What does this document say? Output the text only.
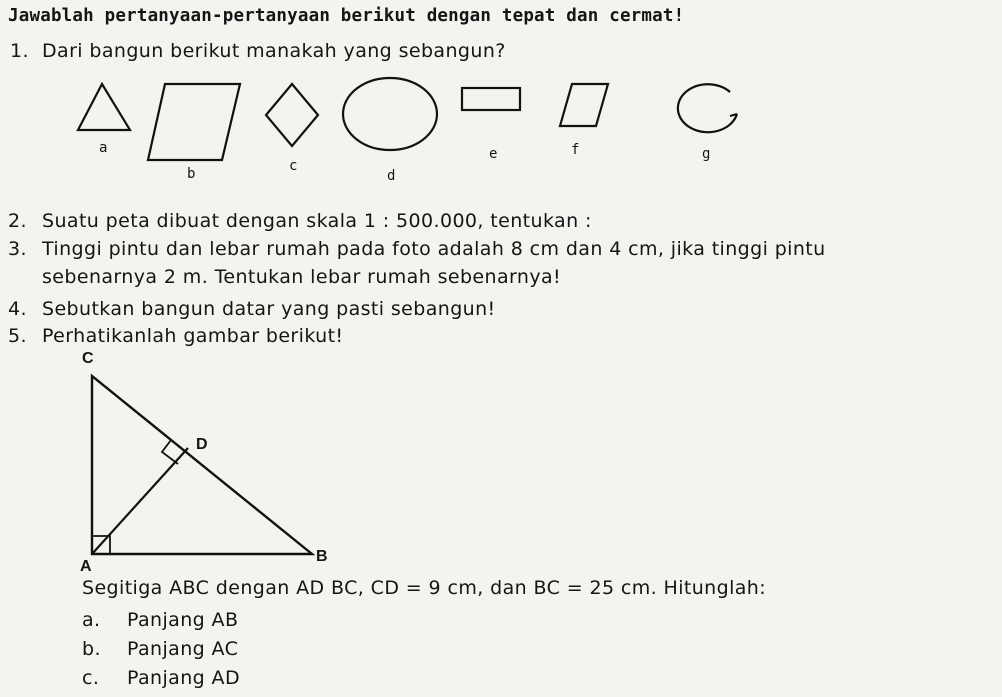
Jawablah pertanyaan-pertanyaan berikut dengan tepat dan cermat!
1. Dari bangun berikut manakah yang sebangun?
a
b	c
d
e	f	g
2. Suatu peta dibuat dengan skala 1 : 500.000, tentukan :
3. Tinggi pintu dan lebar rumah pada foto adalah 8 cm dan 4 cm, jika tinggi pintu
sebenarnya 2 m. Tentukan lebar rumah sebenarnya!
4. Sebutkan bangun datar yang pasti sebangun!
5. Perhatikanlah gambar berikut!
C
D
A
B
Segitiga ABC dengan AD BC, CD = 9 cm, dan BC = 25 cm. Hitunglah:
a. Panjang AB
b. Panjang AC
c. Panjang AD
